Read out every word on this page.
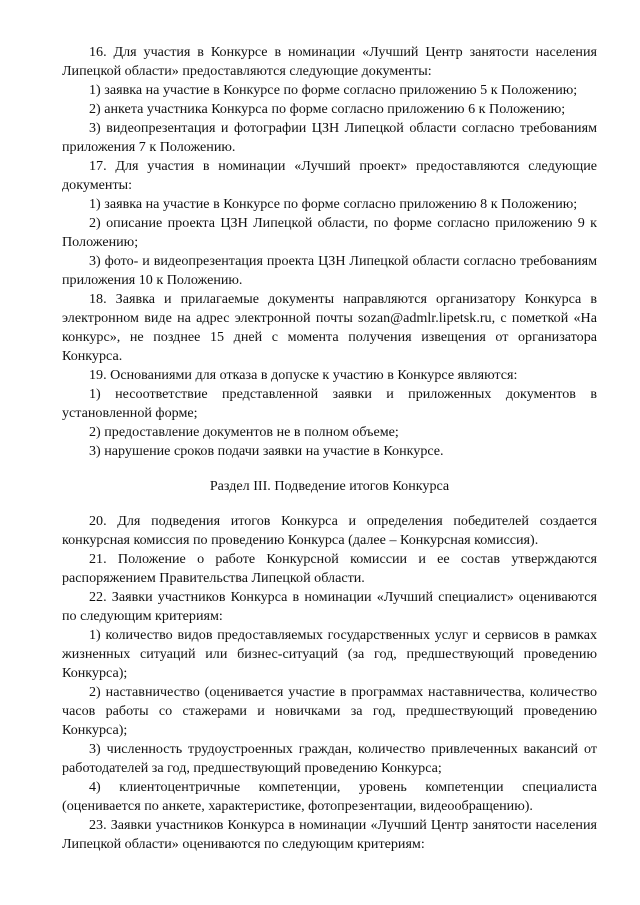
16. Для участия в Конкурсе в номинации «Лучший Центр занятости населения Липецкой области» предоставляются следующие документы:

1) заявка на участие в Конкурсе по форме согласно приложению 5 к Положению;

2) анкета участника Конкурса по форме согласно приложению 6 к Положению;

3) видеопрезентация и фотографии ЦЗН Липецкой области согласно требованиям приложения 7 к Положению.

17. Для участия в номинации «Лучший проект» предоставляются следующие документы:

1) заявка на участие в Конкурсе по форме согласно приложению 8 к Положению;

2) описание проекта ЦЗН Липецкой области, по форме согласно приложению 9 к Положению;

3) фото- и видеопрезентация проекта ЦЗН Липецкой области согласно требованиям приложения 10 к Положению.

18. Заявка и прилагаемые документы направляются организатору Конкурса в электронном виде на адрес электронной почты sozan@admlr.lipetsk.ru, с пометкой «На конкурс», не позднее 15 дней с момента получения извещения от организатора Конкурса.

19. Основаниями для отказа в допуске к участию в Конкурсе являются:

1) несоответствие представленной заявки и приложенных документов в установленной форме;

2) предоставление документов не в полном объеме;

3) нарушение сроков подачи заявки на участие в Конкурсе.

Раздел III. Подведение итогов Конкурса

20. Для подведения итогов Конкурса и определения победителей создается конкурсная комиссия по проведению Конкурса (далее – Конкурсная комиссия).

21. Положение о работе Конкурсной комиссии и ее состав утверждаются распоряжением Правительства Липецкой области.

22. Заявки участников Конкурса в номинации «Лучший специалист» оцениваются по следующим критериям:

1) количество видов предоставляемых государственных услуг и сервисов в рамках жизненных ситуаций или бизнес-ситуаций (за год, предшествующий проведению Конкурса);

2) наставничество (оценивается участие в программах наставничества, количество часов работы со стажерами и новичками за год, предшествующий проведению Конкурса);

3) численность трудоустроенных граждан, количество привлеченных вакансий от работодателей за год, предшествующий проведению Конкурса;

4) клиентоцентричные компетенции, уровень компетенции специалиста (оценивается по анкете, характеристике, фотопрезентации, видеообращению).

23. Заявки участников Конкурса в номинации «Лучший Центр занятости населения Липецкой области» оцениваются по следующим критериям:
